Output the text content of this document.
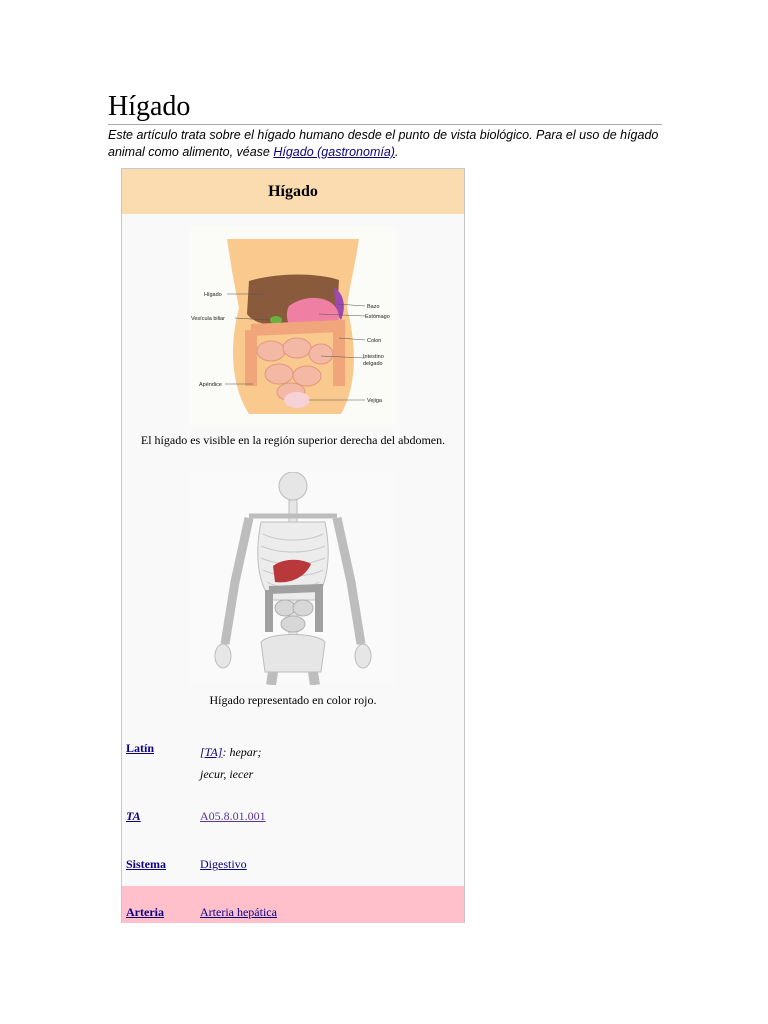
Hígado
Este artículo trata sobre el hígado humano desde el punto de vista biológico. Para el uso de hígado animal como alimento, véase Hígado (gastronomía).
Hígado
Hígado
Vesícula biliar
Apéndice
Bazo
Estómago
Colon
Intestino
delgado
Vejiga
El hígado es visible en la región superior derecha del abdomen.
Hígado representado en color rojo.
Latín	[TA]: hepar;
jecur, iecer
TA	A05.8.01.001
Sistema	Digestivo
Arteria	Arteria hepática
